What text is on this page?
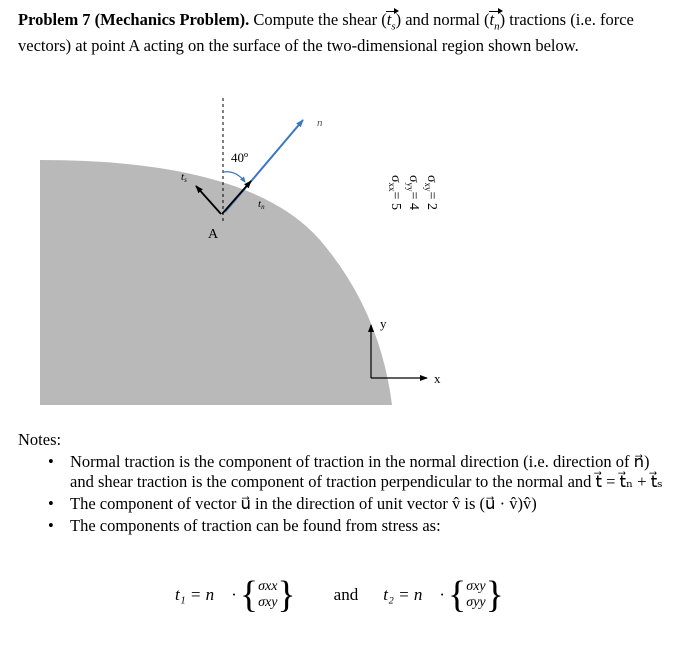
Problem 7 (Mechanics Problem). Compute the shear $(t_s)$ and normal $(t_n)$ tractions (i.e. force vectors) at point A acting on the surface of the two-dimensional region shown below.
n
40º
tn
ts
A
$\sigma_{xx}= 5$
$\sigma_{yy}= 4$
$\sigma_{xy}= 2$
y
x
Notes:
• Normal traction is the component of traction in the normal direction (i.e. direction of n⃗) and shear traction is the component of traction perpendicular to the normal and t⃗ = t⃗ₙ + t⃗ₛ
• The component of vector u⃗ in the direction of unit vector v̂ is (u⃗ · v̂)v̂)
• The components of traction can be found from stress as:
t₁ = n⃗ · { σxx
σxy } and t₂ = n⃗ · { σxy
σyy }
